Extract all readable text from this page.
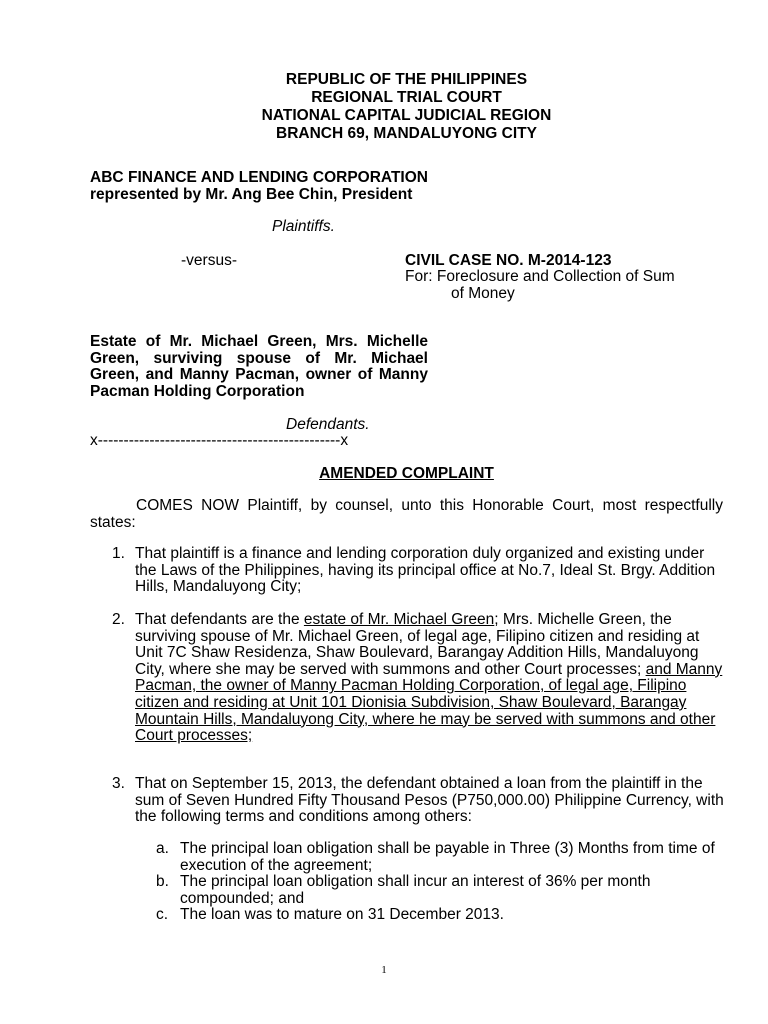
REPUBLIC OF THE PHILIPPINES
REGIONAL TRIAL COURT
NATIONAL CAPITAL JUDICIAL REGION
BRANCH 69, MANDALUYONG CITY
ABC FINANCE AND LENDING CORPORATION represented by Mr. Ang Bee Chin, President
Plaintiffs.
-versus-	CIVIL CASE NO. M-2014-123
For: Foreclosure and Collection of Sum
of Money
Estate of Mr. Michael Green, Mrs. Michelle Green, surviving spouse of Mr. Michael Green, and Manny Pacman, owner of Manny Pacman Holding Corporation
Defendants.
x-----------------------------------------------x
AMENDED COMPLAINT
COMES NOW Plaintiff, by counsel, unto this Honorable Court, most respectfully states:
1. That plaintiff is a finance and lending corporation duly organized and existing under the Laws of the Philippines, having its principal office at No.7, Ideal St. Brgy. Addition Hills, Mandaluyong City;
2. That defendants are the estate of Mr. Michael Green; Mrs. Michelle Green, the surviving spouse of Mr. Michael Green, of legal age, Filipino citizen and residing at Unit 7C Shaw Residenza, Shaw Boulevard, Barangay Addition Hills, Mandaluyong City, where she may be served with summons and other Court processes; and Manny Pacman, the owner of Manny Pacman Holding Corporation, of legal age, Filipino citizen and residing at Unit 101 Dionisia Subdivision, Shaw Boulevard, Barangay Mountain Hills, Mandaluyong City, where he may be served with summons and other Court processes;
3. That on September 15, 2013, the defendant obtained a loan from the plaintiff in the sum of Seven Hundred Fifty Thousand Pesos (P750,000.00) Philippine Currency, with the following terms and conditions among others:
a. The principal loan obligation shall be payable in Three (3) Months from time of execution of the agreement;
b. The principal loan obligation shall incur an interest of 36% per month compounded; and
c. The loan was to mature on 31 December 2013.
1
